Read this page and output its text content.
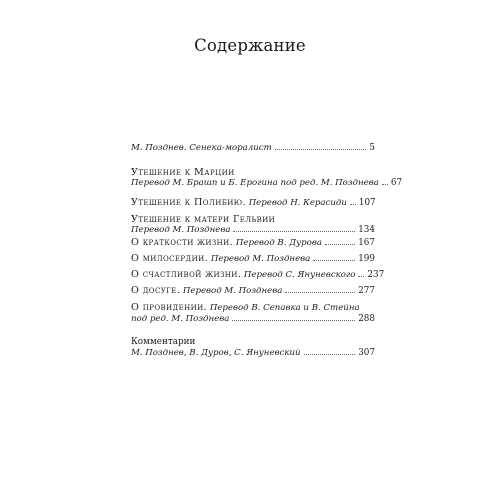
Содержание
М. Позднев. Сенека-моралист	5
Утешение к Марции
Перевод М. Брашп и Б. Ерогина под ред. М. Позднева 67
Утешение к Полибию. Перевод Н. Керасиди 107
Утешение к матери Гельвии
Перевод М. Позднева	134
О краткости жизни. Перевод В. Дурова	167
О милосердии. Перевод М. Позднева	199
О счастливой жизни. Перевод С. Януневского 237
О досуге. Перевод М. Позднева	277
О провидении. Перевод В. Сепавка и В. Стейна
под ред. М. Позднева	288
Комментарии
М. Позднев, В. Дуров, С. Януневский	307
